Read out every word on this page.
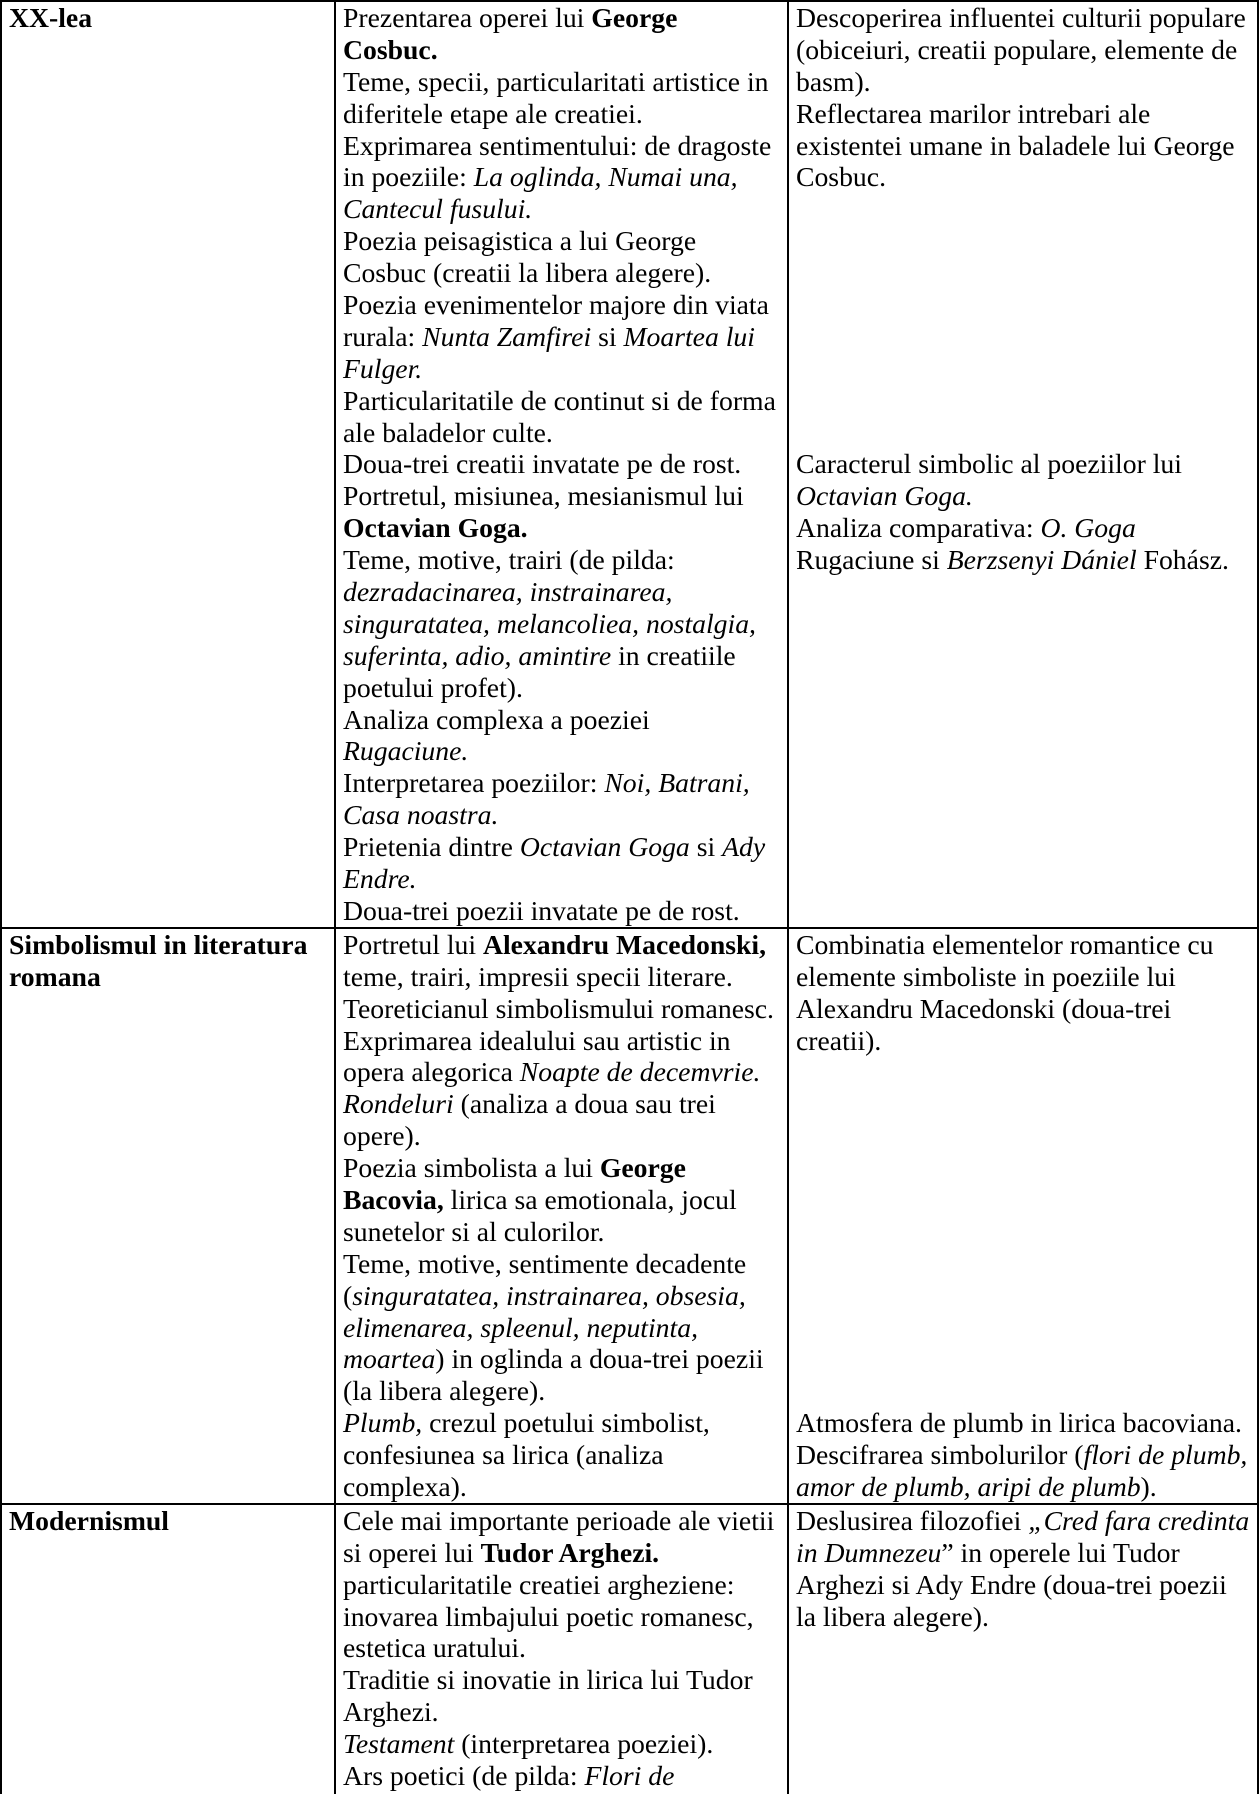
XX-lea	Prezentarea operei lui George
Cosbuc.
Teme, specii, particularitati artistice in
diferitele etape ale creatiei.
Exprimarea sentimentului: de dragoste
in poeziile: La oglinda, Numai una,
Cantecul fusului.
Poezia peisagistica a lui George
Cosbuc (creatii la libera alegere).
Poezia evenimentelor majore din viata
rurala: Nunta Zamfirei si Moartea lui
Fulger.
Particularitatile de continut si de forma
ale baladelor culte.
Descoperirea influentei culturii populare
(obiceiuri, creatii populare, elemente de
basm).
Reflectarea marilor intrebari ale
existentei umane in baladele lui George
Cosbuc.
Doua-trei creatii invatate pe de rost.
Portretul, misiunea, mesianismul lui
Octavian Goga.
Teme, motive, trairi (de pilda:
dezradacinarea, instrainarea,
singuratatea, melancoliea, nostalgia,
suferinta, adio, amintire in creatiile
poetului profet).
Analiza complexa a poeziei
Rugaciune.
Interpretarea poeziilor: Noi, Batrani,
Casa noastra.
Prietenia dintre Octavian Goga si Ady
Endre.
Doua-trei poezii invatate pe de rost.
Caracterul simbolic al poeziilor lui
Octavian Goga.
Analiza comparativa: O. Goga
Rugaciune si Berzsenyi Dániel Fohász.
Simbolismul in literatura
romana
Portretul lui Alexandru Macedonski,
teme, trairi, impresii specii literare.
Teoreticianul simbolismului romanesc.
Exprimarea idealului sau artistic in
opera alegorica Noapte de decemvrie.
Rondeluri (analiza a doua sau trei
opere).
Poezia simbolista a lui George
Bacovia, lirica sa emotionala, jocul
sunetelor si al culorilor.
Teme, motive, sentimente decadente
(singuratatea, instrainarea, obsesia,
elimenarea, spleenul, neputinta,
moartea) in oglinda a doua-trei poezii
(la libera alegere).
Combinatia elementelor romantice cu
elemente simboliste in poeziile lui
Alexandru Macedonski (doua-trei
creatii).
Plumb, crezul poetului simbolist,
confesiunea sa lirica (analiza
complexa).
Atmosfera de plumb in lirica bacoviana.
Descifrarea simbolurilor (flori de plumb,
amor de plumb, aripi de plumb).
Modernismul	Cele mai importante perioade ale vietii
si operei lui Tudor Arghezi.
particularitatile creatiei argheziene:
inovarea limbajului poetic romanesc,
estetica uratului.
Traditie si inovatie in lirica lui Tudor
Arghezi.
Testament (interpretarea poeziei).
Ars poetici (de pilda: Flori de
Deslusirea filozofiei „Cred fara credinta
in Dumnezeu” in operele lui Tudor
Arghezi si Ady Endre (doua-trei poezii
la libera alegere).
